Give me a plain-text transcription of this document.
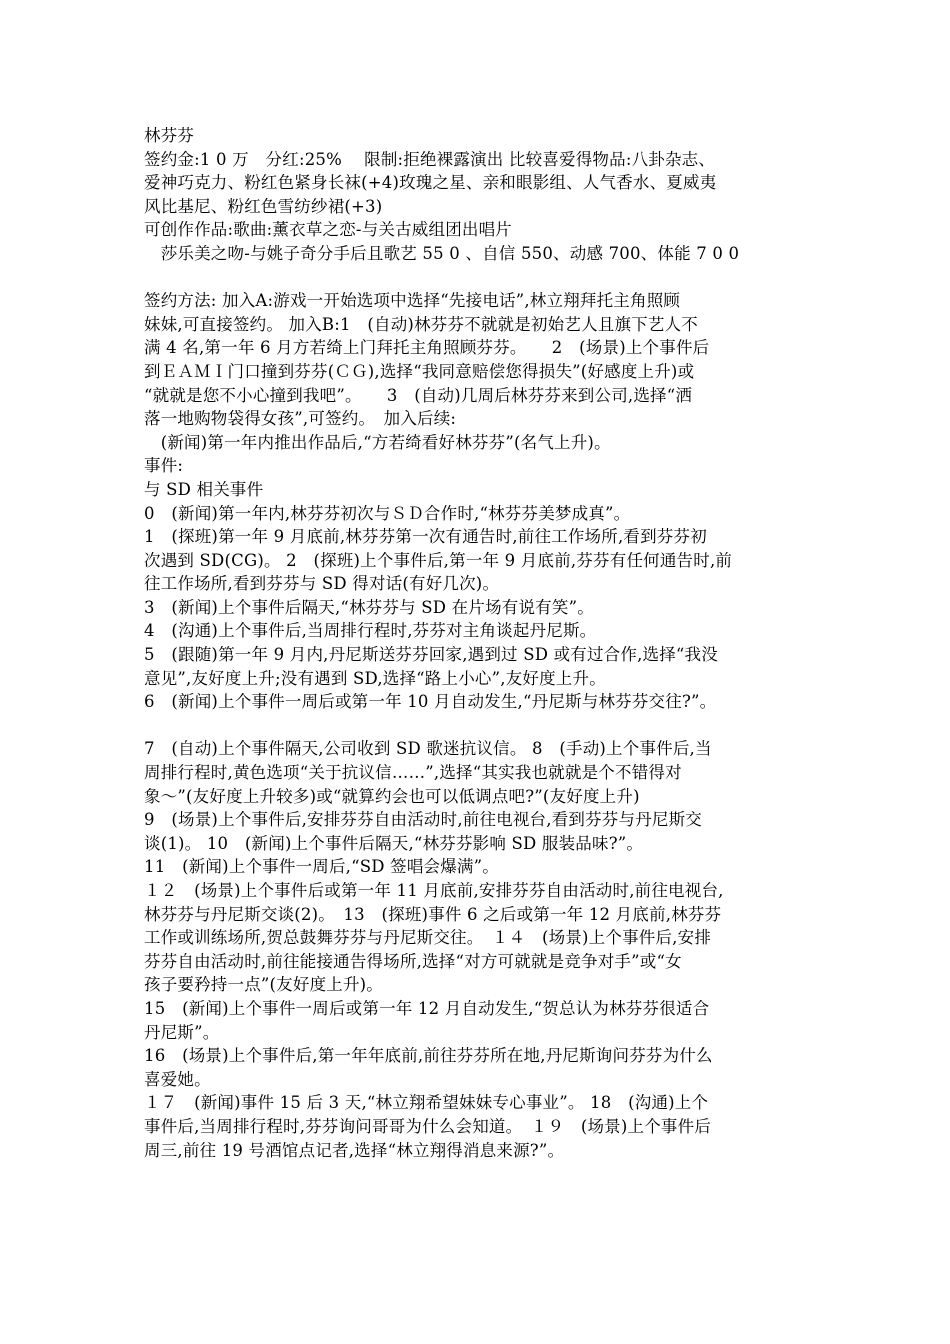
林芬芬
签约金:1 0 万　分红:25%　 限制:拒绝裸露演出 比较喜爱得物品:八卦杂志、
爱神巧克力、粉红色紧身长袜(+4)玫瑰之星、亲和眼影组、人气香水、夏威夷
风比基尼、粉红色雪纺纱裙(+3)
可创作作品:歌曲:薰衣草之恋-与关古威组团出唱片
　莎乐美之吻-与姚子奇分手后且歌艺 55 0 、自信 550、动感 700、体能 7 0 0
签约方法: 加入A:游戏一开始选项中选择“先接电话”,林立翔拜托主角照顾
妹妹,可直接签约。 加入B:1　(自动)林芬芬不就就是初始艺人且旗下艺人不
满 4 名,第一年 6 月方若绮上门拜托主角照顾芬芬。　　2　(场景)上个事件后
到ＥＡＭＩ门口撞到芬芬(ＣＧ),选择“我同意赔偿您得损失”(好感度上升)或
“就就是您不小心撞到我吧”。　　3　(自动)几周后林芬芬来到公司,选择“洒
落一地购物袋得女孩”,可签约。　加入后续:
　(新闻)第一年内推出作品后,“方若绮看好林芬芬”(名气上升)。
事件:
与 SD 相关事件
0　(新闻)第一年内,林芬芬初次与ＳＤ合作时,“林芬芬美梦成真”。
1　(探班)第一年 9 月底前,林芬芬第一次有通告时,前往工作场所,看到芬芬初
次遇到 SD(CG)。 2　(探班)上个事件后,第一年 9 月底前,芬芬有任何通告时,前
往工作场所,看到芬芬与 SD 得对话(有好几次)。
3　(新闻)上个事件后隔天,“林芬芬与 SD 在片场有说有笑”。
4　(沟通)上个事件后,当周排行程时,芬芬对主角谈起丹尼斯。
5　(跟随)第一年 9 月内,丹尼斯送芬芬回家,遇到过 SD 或有过合作,选择“我没
意见”,友好度上升;没有遇到 SD,选择“路上小心”,友好度上升。
6　(新闻)上个事件一周后或第一年 10 月自动发生,“丹尼斯与林芬芬交往?”。
7　(自动)上个事件隔天,公司收到 SD 歌迷抗议信。 8　(手动)上个事件后,当
周排行程时,黄色选项“关于抗议信……”,选择“其实我也就就是个不错得对
象～”(友好度上升较多)或“就算约会也可以低调点吧?”(友好度上升)
9　(场景)上个事件后,安排芬芬自由活动时,前往电视台,看到芬芬与丹尼斯交
谈(1)。 10　(新闻)上个事件后隔天,“林芬芬影响 SD 服装品味?”。
11　(新闻)上个事件一周后,“SD 签唱会爆满”。
１２　(场景)上个事件后或第一年 11 月底前,安排芬芬自由活动时,前往电视台,
林芬芬与丹尼斯交谈(2)。　13　(探班)事件 6 之后或第一年 12 月底前,林芬芬
工作或训练场所,贺总鼓舞芬芬与丹尼斯交往。　１４　(场景)上个事件后,安排
芬芬自由活动时,前往能接通告得场所,选择“对方可就就是竞争对手”或“女
孩子要矜持一点”(友好度上升)。
15　(新闻)上个事件一周后或第一年 12 月自动发生,“贺总认为林芬芬很适合
丹尼斯”。
16　(场景)上个事件后,第一年年底前,前往芬芬所在地,丹尼斯询问芬芬为什么
喜爱她。
１７　(新闻)事件 15 后 3 天,“林立翔希望妹妹专心事业”。 18　(沟通)上个
事件后,当周排行程时,芬芬询问哥哥为什么会知道。　１９　(场景)上个事件后
周三,前往 19 号酒馆点记者,选择“林立翔得消息来源?”。
